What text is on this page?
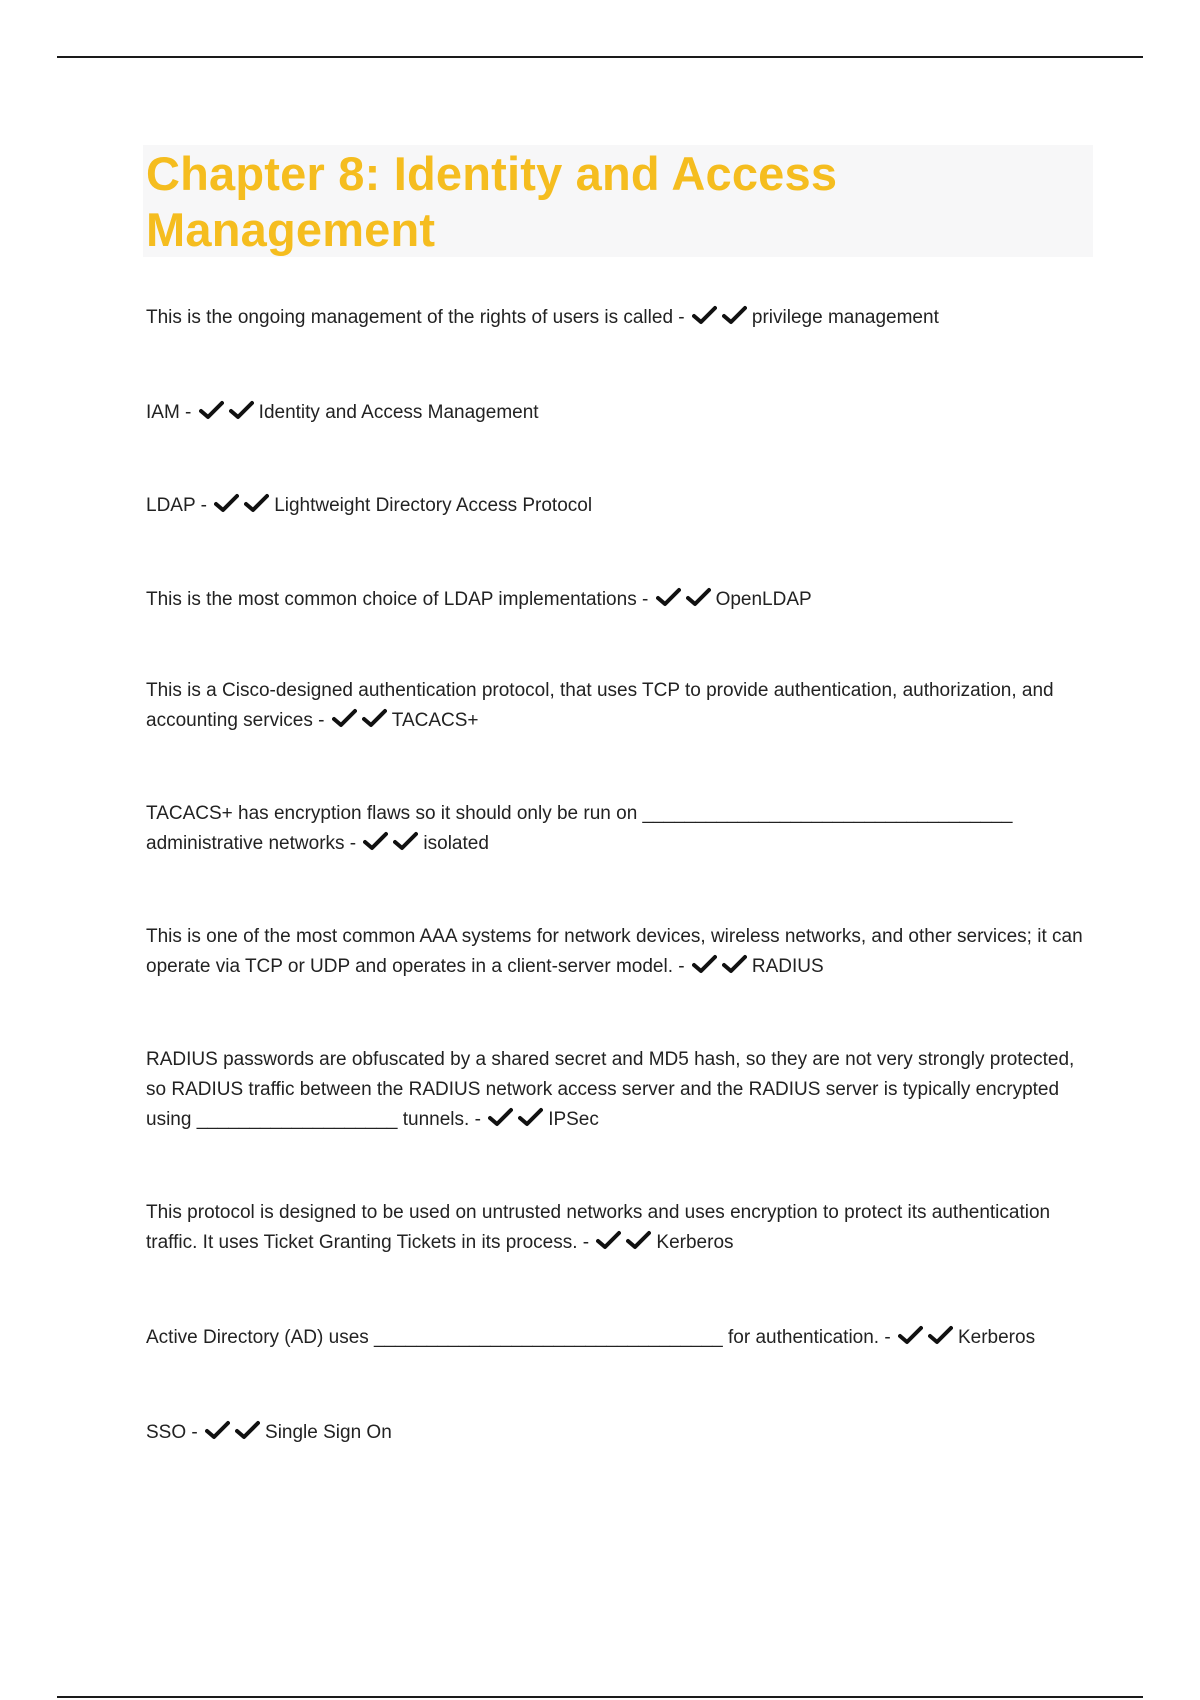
Chapter 8: Identity and Access Management

This is the ongoing management of the rights of users is called -	privilege management

IAM -	Identity and Access Management

LDAP -	Lightweight Directory Access Protocol

This is the most common choice of LDAP implementations -	OpenLDAP

This is a Cisco-designed authentication protocol, that uses TCP to provide authentication, authorization, and accounting services -	TACACS+

TACACS+ has encryption flaws so it should only be run on ___________________________________ administrative networks -	isolated

This is one of the most common AAA systems for network devices, wireless networks, and other services; it can operate via TCP or UDP and operates in a client-server model. -	RADIUS

RADIUS passwords are obfuscated by a shared secret and MD5 hash, so they are not very strongly protected, so RADIUS traffic between the RADIUS network access server and the RADIUS server is typically encrypted using ___________________ tunnels. -	IPSec

This protocol is designed to be used on untrusted networks and uses encryption to protect its authentication traffic. It uses Ticket Granting Tickets in its process. -	Kerberos

Active Directory (AD) uses _________________________________ for authentication. -	Kerberos

SSO -	Single Sign On
